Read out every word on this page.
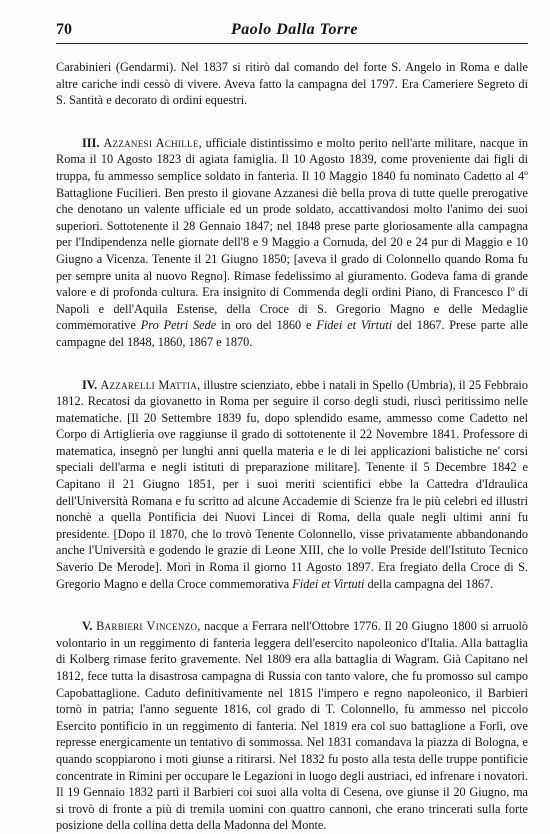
70	Paolo Dalla Torre

Carabinieri (Gendarmi). Nel 1837 si ritirò dal comando del forte S. Angelo in Roma e dalle altre cariche indi cessò di vivere. Aveva fatto la campagna del 1797. Era Cameriere Segreto di S. Santità e decorato di ordini equestri.

III. Azzanesi Achille, ufficiale distintissimo e molto perito nell'arte militare, nacque in Roma il 10 Agosto 1823 di agiata famiglia. Il 10 Agosto 1839, come proveniente dai figli di truppa, fu ammesso semplice soldato in fanteria. Il 10 Maggio 1840 fu nominato Cadetto al 4º Battaglione Fucilieri. Ben presto il giovane Azzanesi diè bella prova di tutte quelle prerogative che denotano un valente ufficiale ed un prode soldato, accattivandosi molto l'animo dei suoi superiori. Sottotenente il 28 Gennaio 1847; nel 1848 prese parte gloriosamente alla campagna per l'Indipendenza nelle giornate dell'8 e 9 Maggio a Cornuda, del 20 e 24 pur di Maggio e 10 Giugno a Vicenza. Tenente il 21 Giugno 1850; [aveva il grado di Colonnello quando Roma fu per sempre unita al nuovo Regno]. Rimase fedelissimo al giuramento. Godeva fama di grande valore e di profonda cultura. Era insignito di Commenda degli ordini Piano, di Francesco Iº di Napoli e dell'Aquila Estense, della Croce di S. Gregorio Magno e delle Medaglie commemorative Pro Petri Sede in oro del 1860 e Fidei et Virtuti del 1867. Prese parte alle campagne del 1848, 1860, 1867 e 1870.

IV. Azzarelli Mattia, illustre scienziato, ebbe i natali in Spello (Umbria), il 25 Febbraio 1812. Recatosi da giovanetto in Roma per seguire il corso degli studi, riuscì peritissimo nelle matematiche. [Il 20 Settembre 1839 fu, dopo splendido esame, ammesso come Cadetto nel Corpo di Artiglieria ove raggiunse il grado di sottotenente il 22 Novembre 1841. Professore di matematica, insegnò per lunghi anni quella materia e le di lei applicazioni balistiche ne' corsi speciali dell'arma e negli istituti di preparazione militare]. Tenente il 5 Decembre 1842 e Capitano il 21 Giugno 1851, per i suoi meriti scientifici ebbe la Cattedra d'Idraulica dell'Università Romana e fu scritto ad alcune Accademie di Scienze fra le più celebri ed illustri nonchè a quella Pontificia dei Nuovi Lincei di Roma, della quale negli ultimi anni fu presidente. [Dopo il 1870, che lo trovò Tenente Colonnello, visse privatamente abbandonando anche l'Università e godendo le grazie di Leone XIII, che lo volle Preside dell'Istituto Tecnico Saverio De Merode]. Morì in Roma il giorno 11 Agosto 1897. Era fregiato della Croce di S. Gregorio Magno e della Croce commemorativa Fidei et Virtuti della campagna del 1867.

V. Barbieri Vincenzo, nacque a Ferrara nell'Ottobre 1776. Il 20 Giugno 1800 si arruolò volontario in un reggimento di fanteria leggera dell'esercito napoleonico d'Italia. Alla battaglia di Kolberg rimase ferito gravemente. Nel 1809 era alla battaglia di Wagram. Già Capitano nel 1812, fece tutta la disastrosa campagna di Russia con tanto valore, che fu promosso sul campo Capobattaglione. Caduto definitivamente nel 1815 l'impero e regno napoleonico, il Barbieri tornò in patria; l'anno seguente 1816, col grado di T. Colonnello, fu ammesso nel piccolo Esercito pontificio in un reggimento di fanteria. Nel 1819 era col suo battaglione a Forlì, ove represse energicamente un tentativo di sommossa. Nel 1831 comandava la piazza di Bologna, e quando scoppiarono i moti giunse a ritirarsi. Nel 1832 fu posto alla testa delle truppe pontificie concentrate in Rimini per occupare le Legazioni in luogo degli austriaci, ed infrenare i novatori. Il 19 Gennaio 1832 partì il Barbieri coi suoi alla volta di Cesena, ove giunse il 20 Giugno, ma si trovò di fronte a più di tremila uomini con quattro cannoni, che erano trincerati sulla forte posizione della collina detta della Madonna del Monte.
